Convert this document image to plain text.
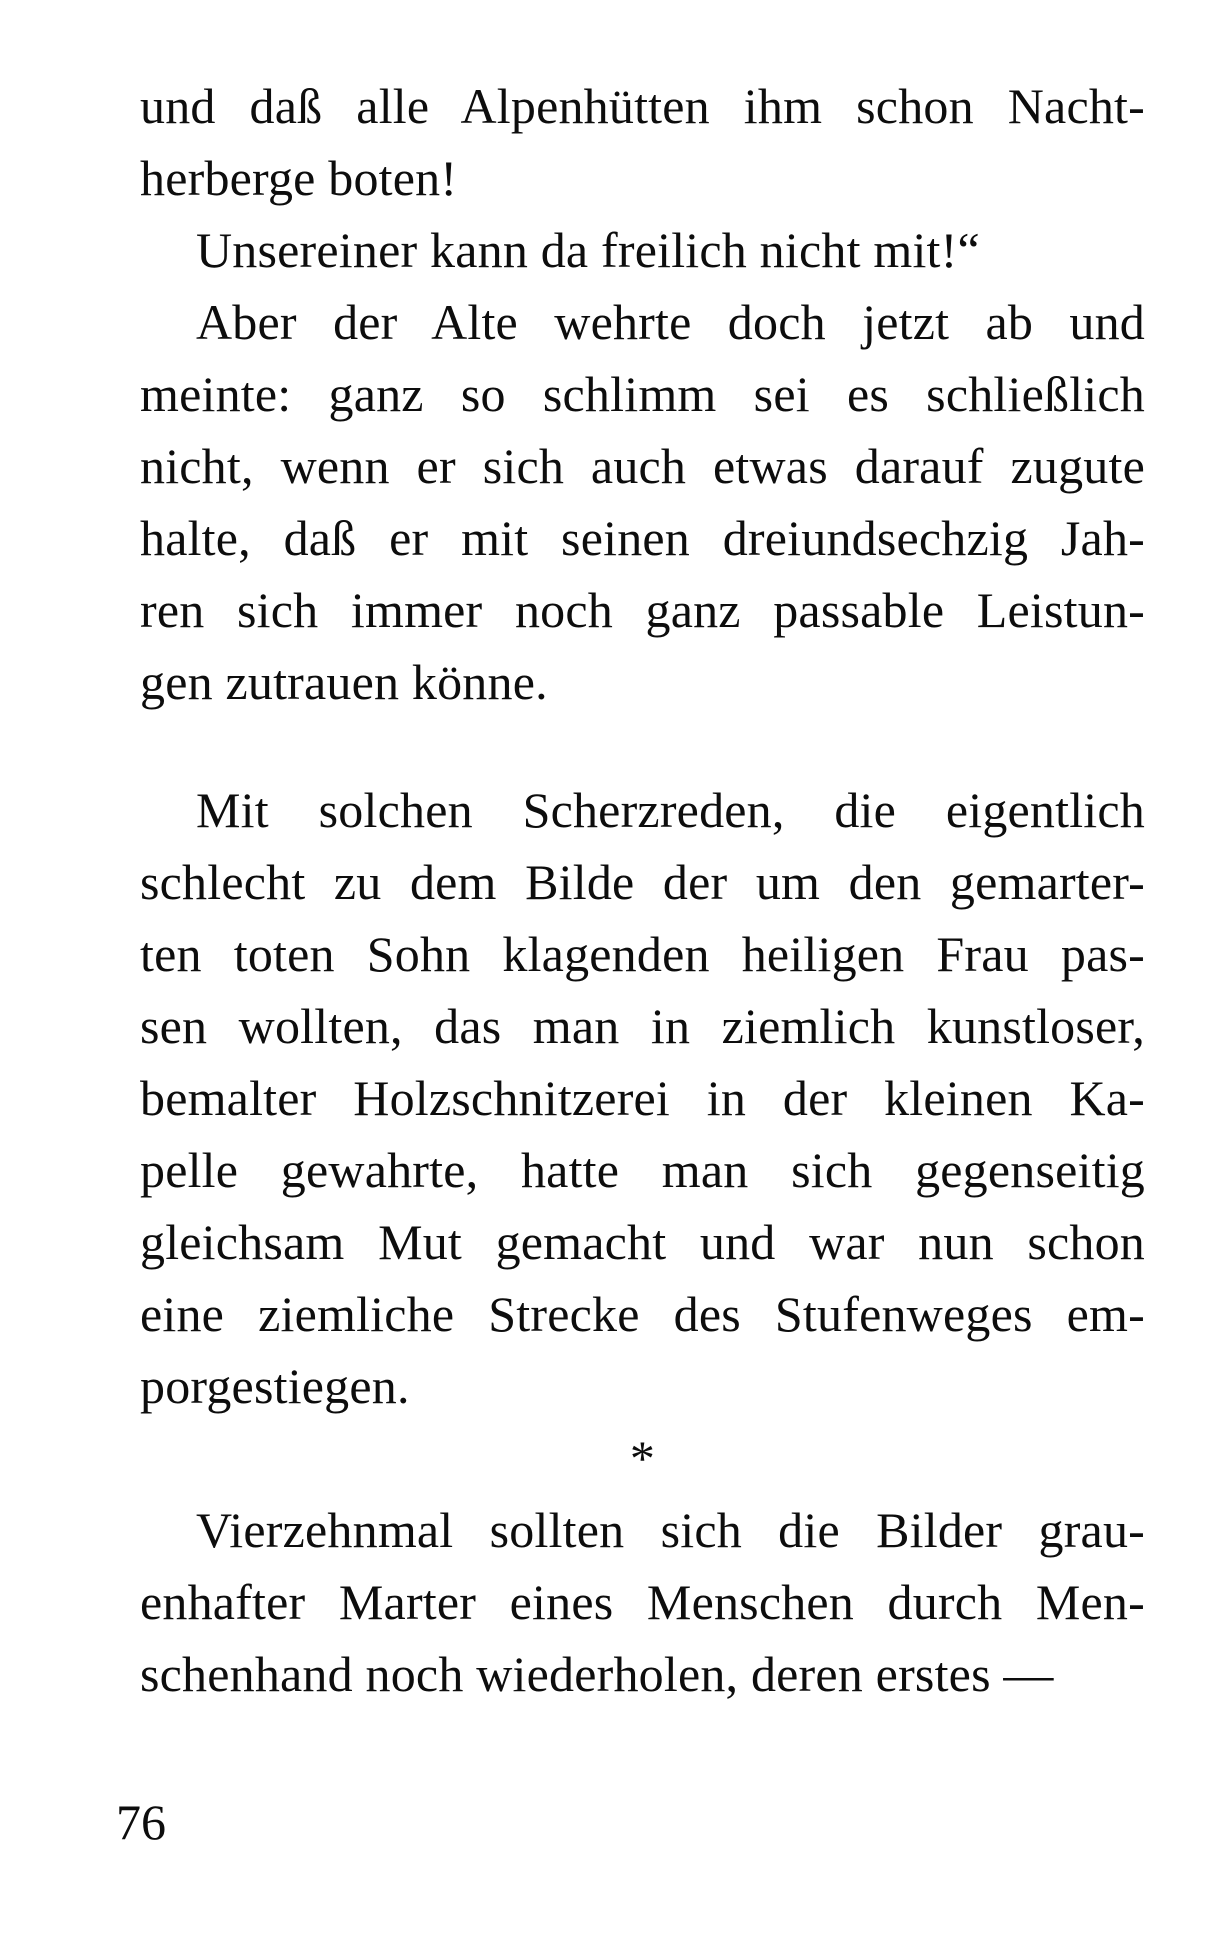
und daß alle Alpenhütten ihm schon Nacht-
herberge boten!
Unsereiner kann da freilich nicht mit!“
Aber der Alte wehrte doch jetzt ab und
meinte: ganz so schlimm sei es schließlich
nicht, wenn er sich auch etwas darauf zugute
halte, daß er mit seinen dreiundsechzig Jah-
ren sich immer noch ganz passable Leistun-
gen zutrauen könne.
Mit solchen Scherzreden, die eigentlich
schlecht zu dem Bilde der um den gemarter-
ten toten Sohn klagenden heiligen Frau pas-
sen wollten, das man in ziemlich kunstloser,
bemalter Holzschnitzerei in der kleinen Ka-
pelle gewahrte, hatte man sich gegenseitig
gleichsam Mut gemacht und war nun schon
eine ziemliche Strecke des Stufenweges em-
porgestiegen.
*
Vierzehnmal sollten sich die Bilder grau-
enhafter Marter eines Menschen durch Men-
schenhand noch wiederholen, deren erstes —
76
